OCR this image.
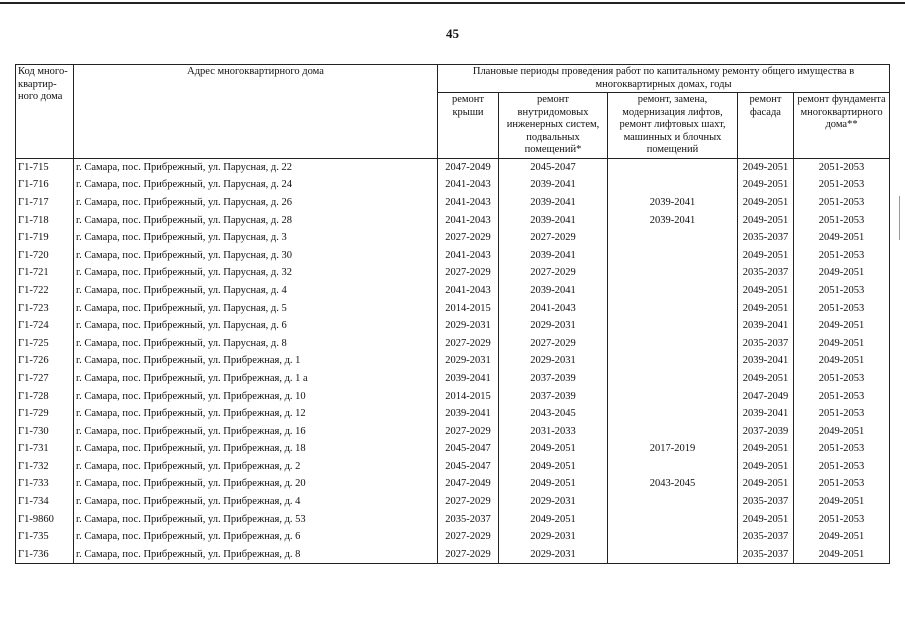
45
Код много-квартир-ного дома	Адрес многоквартирного дома	Плановые периоды проведения работ по капитальному ремонту общего имущества в многоквартирных домах, годы				
		ремонт крыши	ремонт внутридомовых инженерных систем, подвальных помещений*	ремонт, замена, модернизация лифтов, ремонт лифтовых шахт, машинных и блочных помещений	ремонт фасада	ремонт фундамента многоквартирного дома**
Г1-715	г. Самара, пос. Прибрежный, ул. Парусная, д. 22	2047-2049	2045-2047		2049-2051	2051-2053
Г1-716	г. Самара, пос. Прибрежный, ул. Парусная, д. 24	2041-2043	2039-2041		2049-2051	2051-2053
Г1-717	г. Самара, пос. Прибрежный, ул. Парусная, д. 26	2041-2043	2039-2041	2039-2041	2049-2051	2051-2053
Г1-718	г. Самара, пос. Прибрежный, ул. Парусная, д. 28	2041-2043	2039-2041	2039-2041	2049-2051	2051-2053
Г1-719	г. Самара, пос. Прибрежный, ул. Парусная, д. 3	2027-2029	2027-2029		2035-2037	2049-2051
Г1-720	г. Самара, пос. Прибрежный, ул. Парусная, д. 30	2041-2043	2039-2041		2049-2051	2051-2053
Г1-721	г. Самара, пос. Прибрежный, ул. Парусная, д. 32	2027-2029	2027-2029		2035-2037	2049-2051
Г1-722	г. Самара, пос. Прибрежный, ул. Парусная, д. 4	2041-2043	2039-2041		2049-2051	2051-2053
Г1-723	г. Самара, пос. Прибрежный, ул. Парусная, д. 5	2014-2015	2041-2043		2049-2051	2051-2053
Г1-724	г. Самара, пос. Прибрежный, ул. Парусная, д. 6	2029-2031	2029-2031		2039-2041	2049-2051
Г1-725	г. Самара, пос. Прибрежный, ул. Парусная, д. 8	2027-2029	2027-2029		2035-2037	2049-2051
Г1-726	г. Самара, пос. Прибрежный, ул. Прибрежная, д. 1	2029-2031	2029-2031		2039-2041	2049-2051
Г1-727	г. Самара, пос. Прибрежный, ул. Прибрежная, д. 1 а	2039-2041	2037-2039		2049-2051	2051-2053
Г1-728	г. Самара, пос. Прибрежный, ул. Прибрежная, д. 10	2014-2015	2037-2039		2047-2049	2051-2053
Г1-729	г. Самара, пос. Прибрежный, ул. Прибрежная, д. 12	2039-2041	2043-2045		2039-2041	2051-2053
Г1-730	г. Самара, пос. Прибрежный, ул. Прибрежная, д. 16	2027-2029	2031-2033		2037-2039	2049-2051
Г1-731	г. Самара, пос. Прибрежный, ул. Прибрежная, д. 18	2045-2047	2049-2051	2017-2019	2049-2051	2051-2053
Г1-732	г. Самара, пос. Прибрежный, ул. Прибрежная, д. 2	2045-2047	2049-2051		2049-2051	2051-2053
Г1-733	г. Самара, пос. Прибрежный, ул. Прибрежная, д. 20	2047-2049	2049-2051	2043-2045	2049-2051	2051-2053
Г1-734	г. Самара, пос. Прибрежный, ул. Прибрежная, д. 4	2027-2029	2029-2031		2035-2037	2049-2051
Г1-9860	г. Самара, пос. Прибрежный, ул. Прибрежная, д. 53	2035-2037	2049-2051		2049-2051	2051-2053
Г1-735	г. Самара, пос. Прибрежный, ул. Прибрежная, д. 6	2027-2029	2029-2031		2035-2037	2049-2051
Г1-736	г. Самара, пос. Прибрежный, ул. Прибрежная, д. 8	2027-2029	2029-2031		2035-2037	2049-2051
